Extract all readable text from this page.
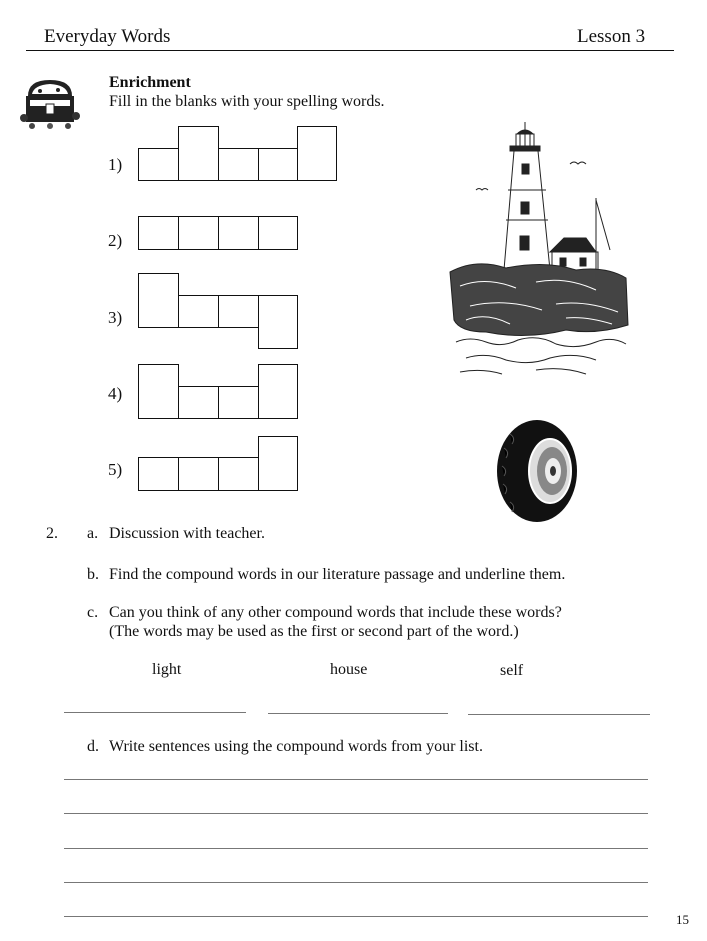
Everyday Words	Lesson 3
Enrichment
Fill in the blanks with your spelling words.
1)
2)
3)
4)
5)
2. a. Discussion with teacher.
b. Find the compound words in our literature passage and underline them.
c. Can you think of any other compound words that include these words?
(The words may be used as the first or second part of the word.)
light	house	self
d. Write sentences using the compound words from your list.
15
